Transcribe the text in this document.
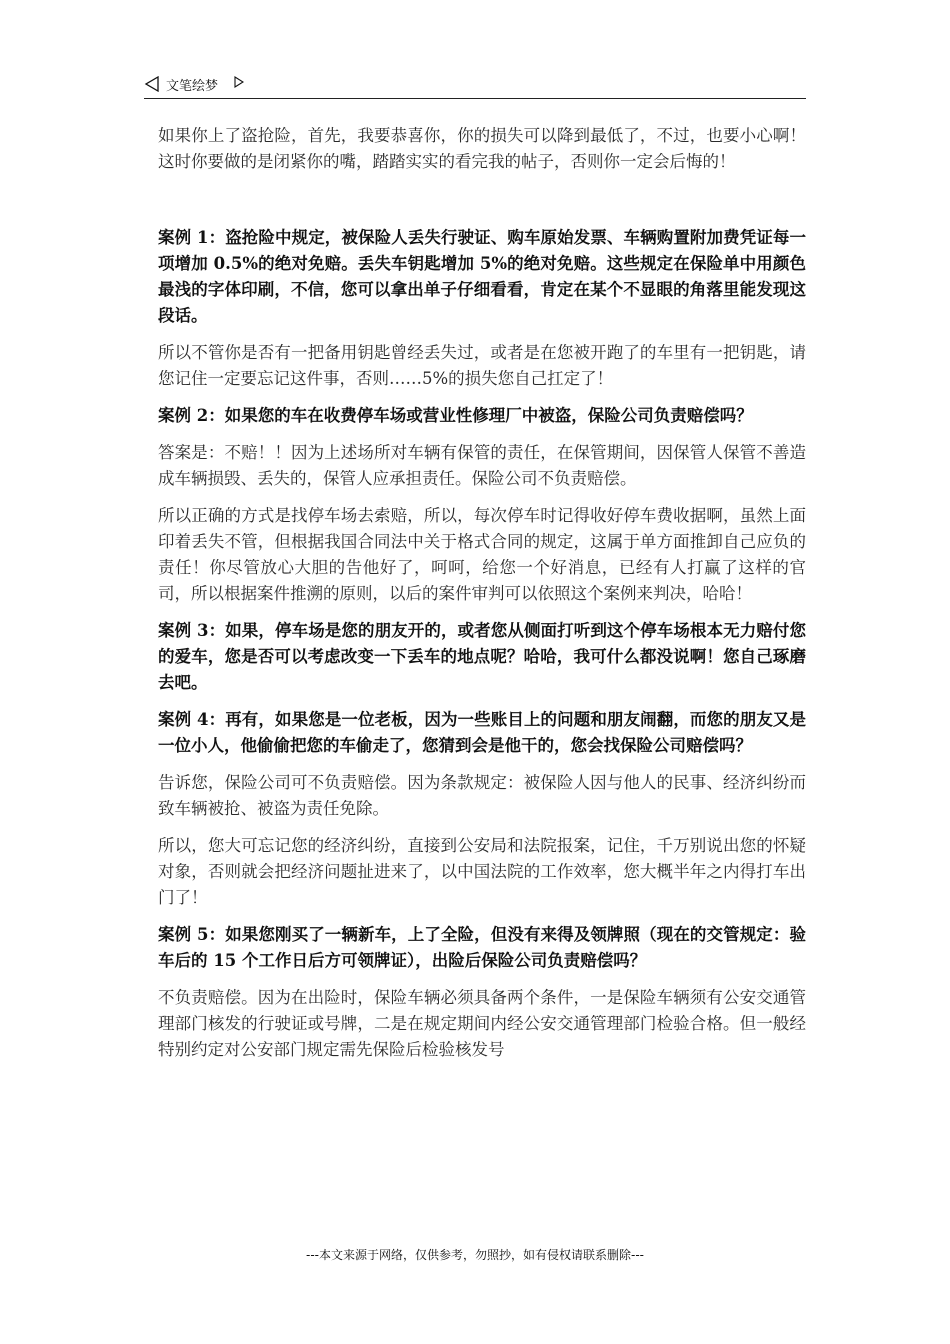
文笔绘梦

如果你上了盗抢险，首先，我要恭喜你，你的损失可以降到最低了，不过，也要小心啊！这时你要做的是闭紧你的嘴，踏踏实实的看完我的帖子，否则你一定会后悔的！

案例 1：盗抢险中规定，被保险人丢失行驶证、购车原始发票、车辆购置附加费凭证每一项增加 0.5%的绝对免赔。丢失车钥匙增加 5%的绝对免赔。这些规定在保险单中用颜色最浅的字体印刷，不信，您可以拿出单子仔细看看，肯定在某个不显眼的角落里能发现这段话。

所以不管你是否有一把备用钥匙曾经丢失过，或者是在您被开跑了的车里有一把钥匙，请您记住一定要忘记这件事，否则……5%的损失您自己扛定了！

案例 2：如果您的车在收费停车场或营业性修理厂中被盗，保险公司负责赔偿吗？

答案是：不赔！！因为上述场所对车辆有保管的责任，在保管期间，因保管人保管不善造成车辆损毁、丢失的，保管人应承担责任。保险公司不负责赔偿。

所以正确的方式是找停车场去索赔，所以，每次停车时记得收好停车费收据啊，虽然上面印着丢失不管，但根据我国合同法中关于格式合同的规定，这属于单方面推卸自己应负的责任！你尽管放心大胆的告他好了，呵呵，给您一个好消息，已经有人打赢了这样的官司，所以根据案件推溯的原则，以后的案件审判可以依照这个案例来判决，哈哈！

案例 3：如果，停车场是您的朋友开的，或者您从侧面打听到这个停车场根本无力赔付您的爱车，您是否可以考虑改变一下丢车的地点呢？哈哈，我可什么都没说啊！您自己琢磨去吧。

案例 4：再有，如果您是一位老板，因为一些账目上的问题和朋友闹翻，而您的朋友又是一位小人，他偷偷把您的车偷走了，您猜到会是他干的，您会找保险公司赔偿吗？

告诉您，保险公司可不负责赔偿。因为条款规定：被保险人因与他人的民事、经济纠纷而致车辆被抢、被盗为责任免除。

所以，您大可忘记您的经济纠纷，直接到公安局和法院报案，记住，千万别说出您的怀疑对象，否则就会把经济问题扯进来了，以中国法院的工作效率，您大概半年之内得打车出门了！

案例 5：如果您刚买了一辆新车，上了全险，但没有来得及领牌照（现在的交管规定：验车后的 15 个工作日后方可领牌证），出险后保险公司负责赔偿吗？

不负责赔偿。因为在出险时，保险车辆必须具备两个条件，一是保险车辆须有公安交通管理部门核发的行驶证或号牌，二是在规定期间内经公安交通管理部门检验合格。但一般经特别约定对公安部门规定需先保险后检验核发号

---本文来源于网络，仅供参考，勿照抄，如有侵权请联系删除---
